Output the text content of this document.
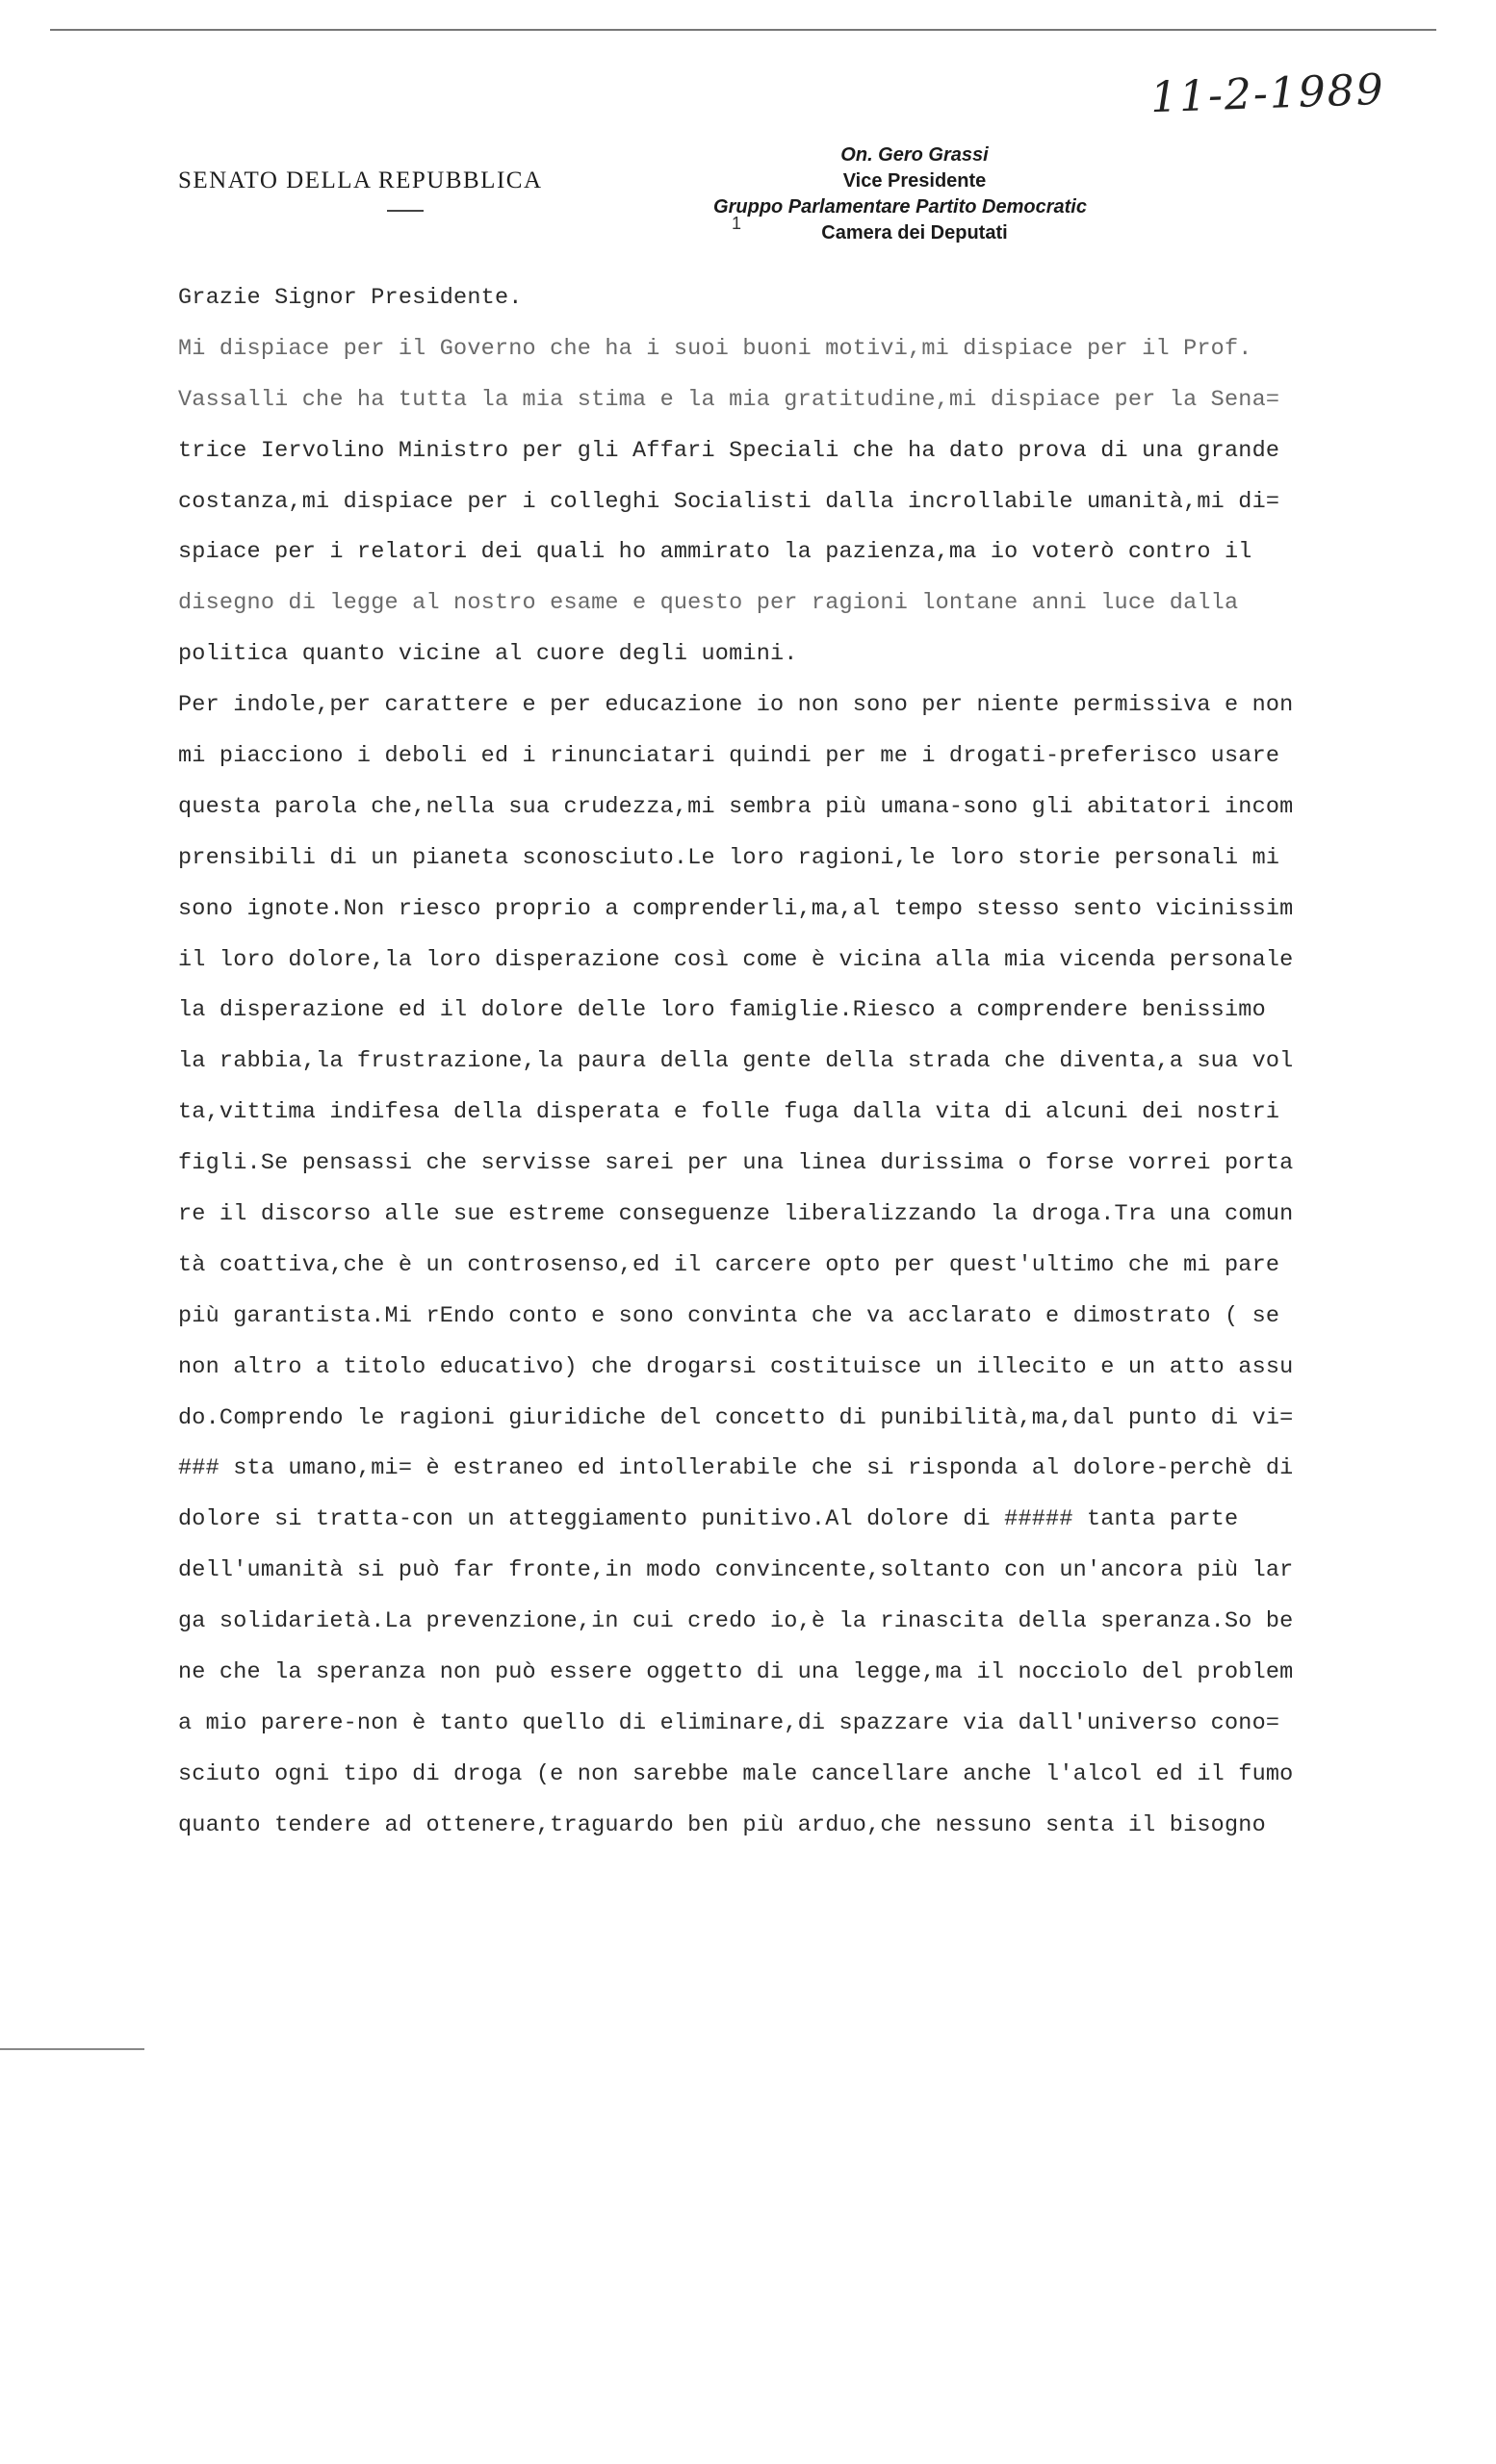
11-2-1989
SENATO DELLA REPUBBLICA
On. Gero Grassi
Vice Presidente
Gruppo Parlamentare Partito Democratic
Camera dei Deputati
1
Grazie Signor Presidente.
Mi dispiace per il Governo che ha i suoi buoni motivi,mi dispiace per il Prof.
Vassalli che ha tutta la mia stima e la mia gratitudine,mi dispiace per la Sena=
trice Iervolino Ministro per gli Affari Speciali che ha dato prova di una grande
costanza,mi dispiace per i colleghi Socialisti dalla incrollabile umanità,mi di=
spiace per i relatori dei quali ho ammirato la pazienza,ma io voterò contro il
disegno di legge al nostro esame e questo per ragioni lontane anni luce dalla
politica quanto vicine al cuore degli uomini.
Per indole,per carattere e per educazione io non sono per niente permissiva e non
mi piacciono i deboli ed i rinunciatari quindi per me i drogati-preferisco usare
questa parola che,nella sua crudezza,mi sembra più umana-sono gli abitatori incom
prensibili di un pianeta sconosciuto.Le loro ragioni,le loro storie personali mi
sono ignote.Non riesco proprio a comprenderli,ma,al tempo stesso sento vicinissim
il loro dolore,la loro disperazione così come è vicina alla mia vicenda personale
la disperazione ed il dolore delle loro famiglie.Riesco a comprendere benissimo
la rabbia,la frustrazione,la paura della gente della strada che diventa,a sua vol
ta,vittima indifesa della disperata e folle fuga dalla vita di alcuni dei nostri
figli.Se pensassi che servisse sarei per una linea durissima o forse vorrei porta
re il discorso alle sue estreme conseguenze liberalizzando la droga.Tra una comun
tà coattiva,che è un controsenso,ed il carcere opto per quest'ultimo che mi pare
più garantista.Mi rEndo conto e sono convinta che va acclarato e dimostrato ( se
non altro a titolo educativo) che drogarsi costituisce un illecito e un atto assu
do.Comprendo le ragioni giuridiche del concetto di punibilità,ma,dal punto di vi=
### sta umano,mi= è estraneo ed intollerabile che si risponda al dolore-perchè di
dolore si tratta-con un atteggiamento punitivo.Al dolore di ##### tanta parte
dell'umanità si può far fronte,in modo convincente,soltanto con un'ancora più lar
ga solidarietà.La prevenzione,in cui credo io,è la rinascita della speranza.So be
ne che la speranza non può essere oggetto di una legge,ma il nocciolo del problem
a mio parere-non è tanto quello di eliminare,di spazzare via dall'universo cono=
sciuto ogni tipo di droga (e non sarebbe male cancellare anche l'alcol ed il fumo
quanto tendere ad ottenere,traguardo ben più arduo,che nessuno senta il bisogno
